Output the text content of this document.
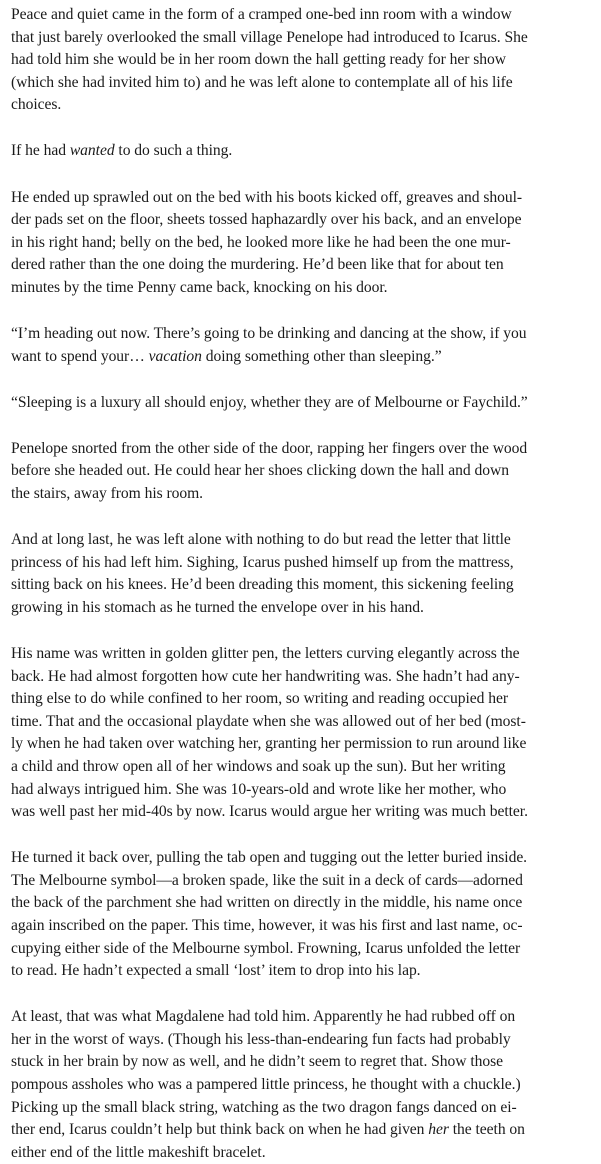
Peace and quiet came in the form of a cramped one-bed inn room with a window
that just barely overlooked the small village Penelope had introduced to Icarus. She
had told him she would be in her room down the hall getting ready for her show
(which she had invited him to) and he was left alone to contemplate all of his life
choices.

If he had wanted to do such a thing.

He ended up sprawled out on the bed with his boots kicked off, greaves and shoul-
der pads set on the floor, sheets tossed haphazardly over his back, and an envelope
in his right hand; belly on the bed, he looked more like he had been the one mur-
dered rather than the one doing the murdering. He’d been like that for about ten
minutes by the time Penny came back, knocking on his door.

“I’m heading out now. There’s going to be drinking and dancing at the show, if you
want to spend your… vacation doing something other than sleeping.”

“Sleeping is a luxury all should enjoy, whether they are of Melbourne or Faychild.”

Penelope snorted from the other side of the door, rapping her fingers over the wood
before she headed out. He could hear her shoes clicking down the hall and down
the stairs, away from his room.

And at long last, he was left alone with nothing to do but read the letter that little
princess of his had left him. Sighing, Icarus pushed himself up from the mattress,
sitting back on his knees. He’d been dreading this moment, this sickening feeling
growing in his stomach as he turned the envelope over in his hand.

His name was written in golden glitter pen, the letters curving elegantly across the
back. He had almost forgotten how cute her handwriting was. She hadn’t had any-
thing else to do while confined to her room, so writing and reading occupied her
time. That and the occasional playdate when she was allowed out of her bed (most-
ly when he had taken over watching her, granting her permission to run around like
a child and throw open all of her windows and soak up the sun). But her writing
had always intrigued him. She was 10-years-old and wrote like her mother, who
was well past her mid-40s by now. Icarus would argue her writing was much better.

He turned it back over, pulling the tab open and tugging out the letter buried inside.
The Melbourne symbol—a broken spade, like the suit in a deck of cards—adorned
the back of the parchment she had written on directly in the middle, his name once
again inscribed on the paper. This time, however, it was his first and last name, oc-
cupying either side of the Melbourne symbol. Frowning, Icarus unfolded the letter
to read. He hadn’t expected a small ‘lost’ item to drop into his lap.

At least, that was what Magdalene had told him. Apparently he had rubbed off on
her in the worst of ways. (Though his less-than-endearing fun facts had probably
stuck in her brain by now as well, and he didn’t seem to regret that. Show those
pompous assholes who was a pampered little princess, he thought with a chuckle.)
Picking up the small black string, watching as the two dragon fangs danced on ei-
ther end, Icarus couldn’t help but think back on when he had given her the teeth on
either end of the little makeshift bracelet.
